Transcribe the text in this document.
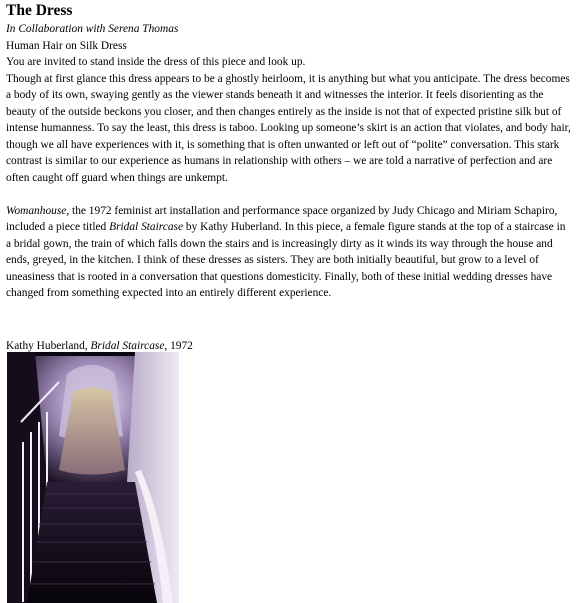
The Dress

In Collaboration with Serena Thomas

Human Hair on Silk Dress

You are invited to stand inside the dress of this piece and look up.

Though at first glance this dress appears to be a ghostly heirloom, it is anything but what you anticipate. The dress becomes a body of its own, swaying gently as the viewer stands beneath it and witnesses the interior. It feels disorienting as the beauty of the outside beckons you closer, and then changes entirely as the inside is not that of expected pristine silk but of intense humanness. To say the least, this dress is taboo. Looking up someone’s skirt is an action that violates, and body hair, though we all have experiences with it, is something that is often unwanted or left out of “polite” conversation. This stark contrast is similar to our experience as humans in relationship with others – we are told a narrative of perfection and are often caught off guard when things are unkempt.

Womanhouse, the 1972 feminist art installation and performance space organized by Judy Chicago and Miriam Schapiro, included a piece titled Bridal Staircase by Kathy Huberland. In this piece, a female figure stands at the top of a staircase in a bridal gown, the train of which falls down the stairs and is increasingly dirty as it winds its way through the house and ends, greyed, in the kitchen. I think of these dresses as sisters. They are both initially beautiful, but grow to a level of uneasiness that is rooted in a conversation that questions domesticity. Finally, both of these initial wedding dresses have changed from something expected into an entirely different experience.

Kathy Huberland, Bridal Staircase, 1972
